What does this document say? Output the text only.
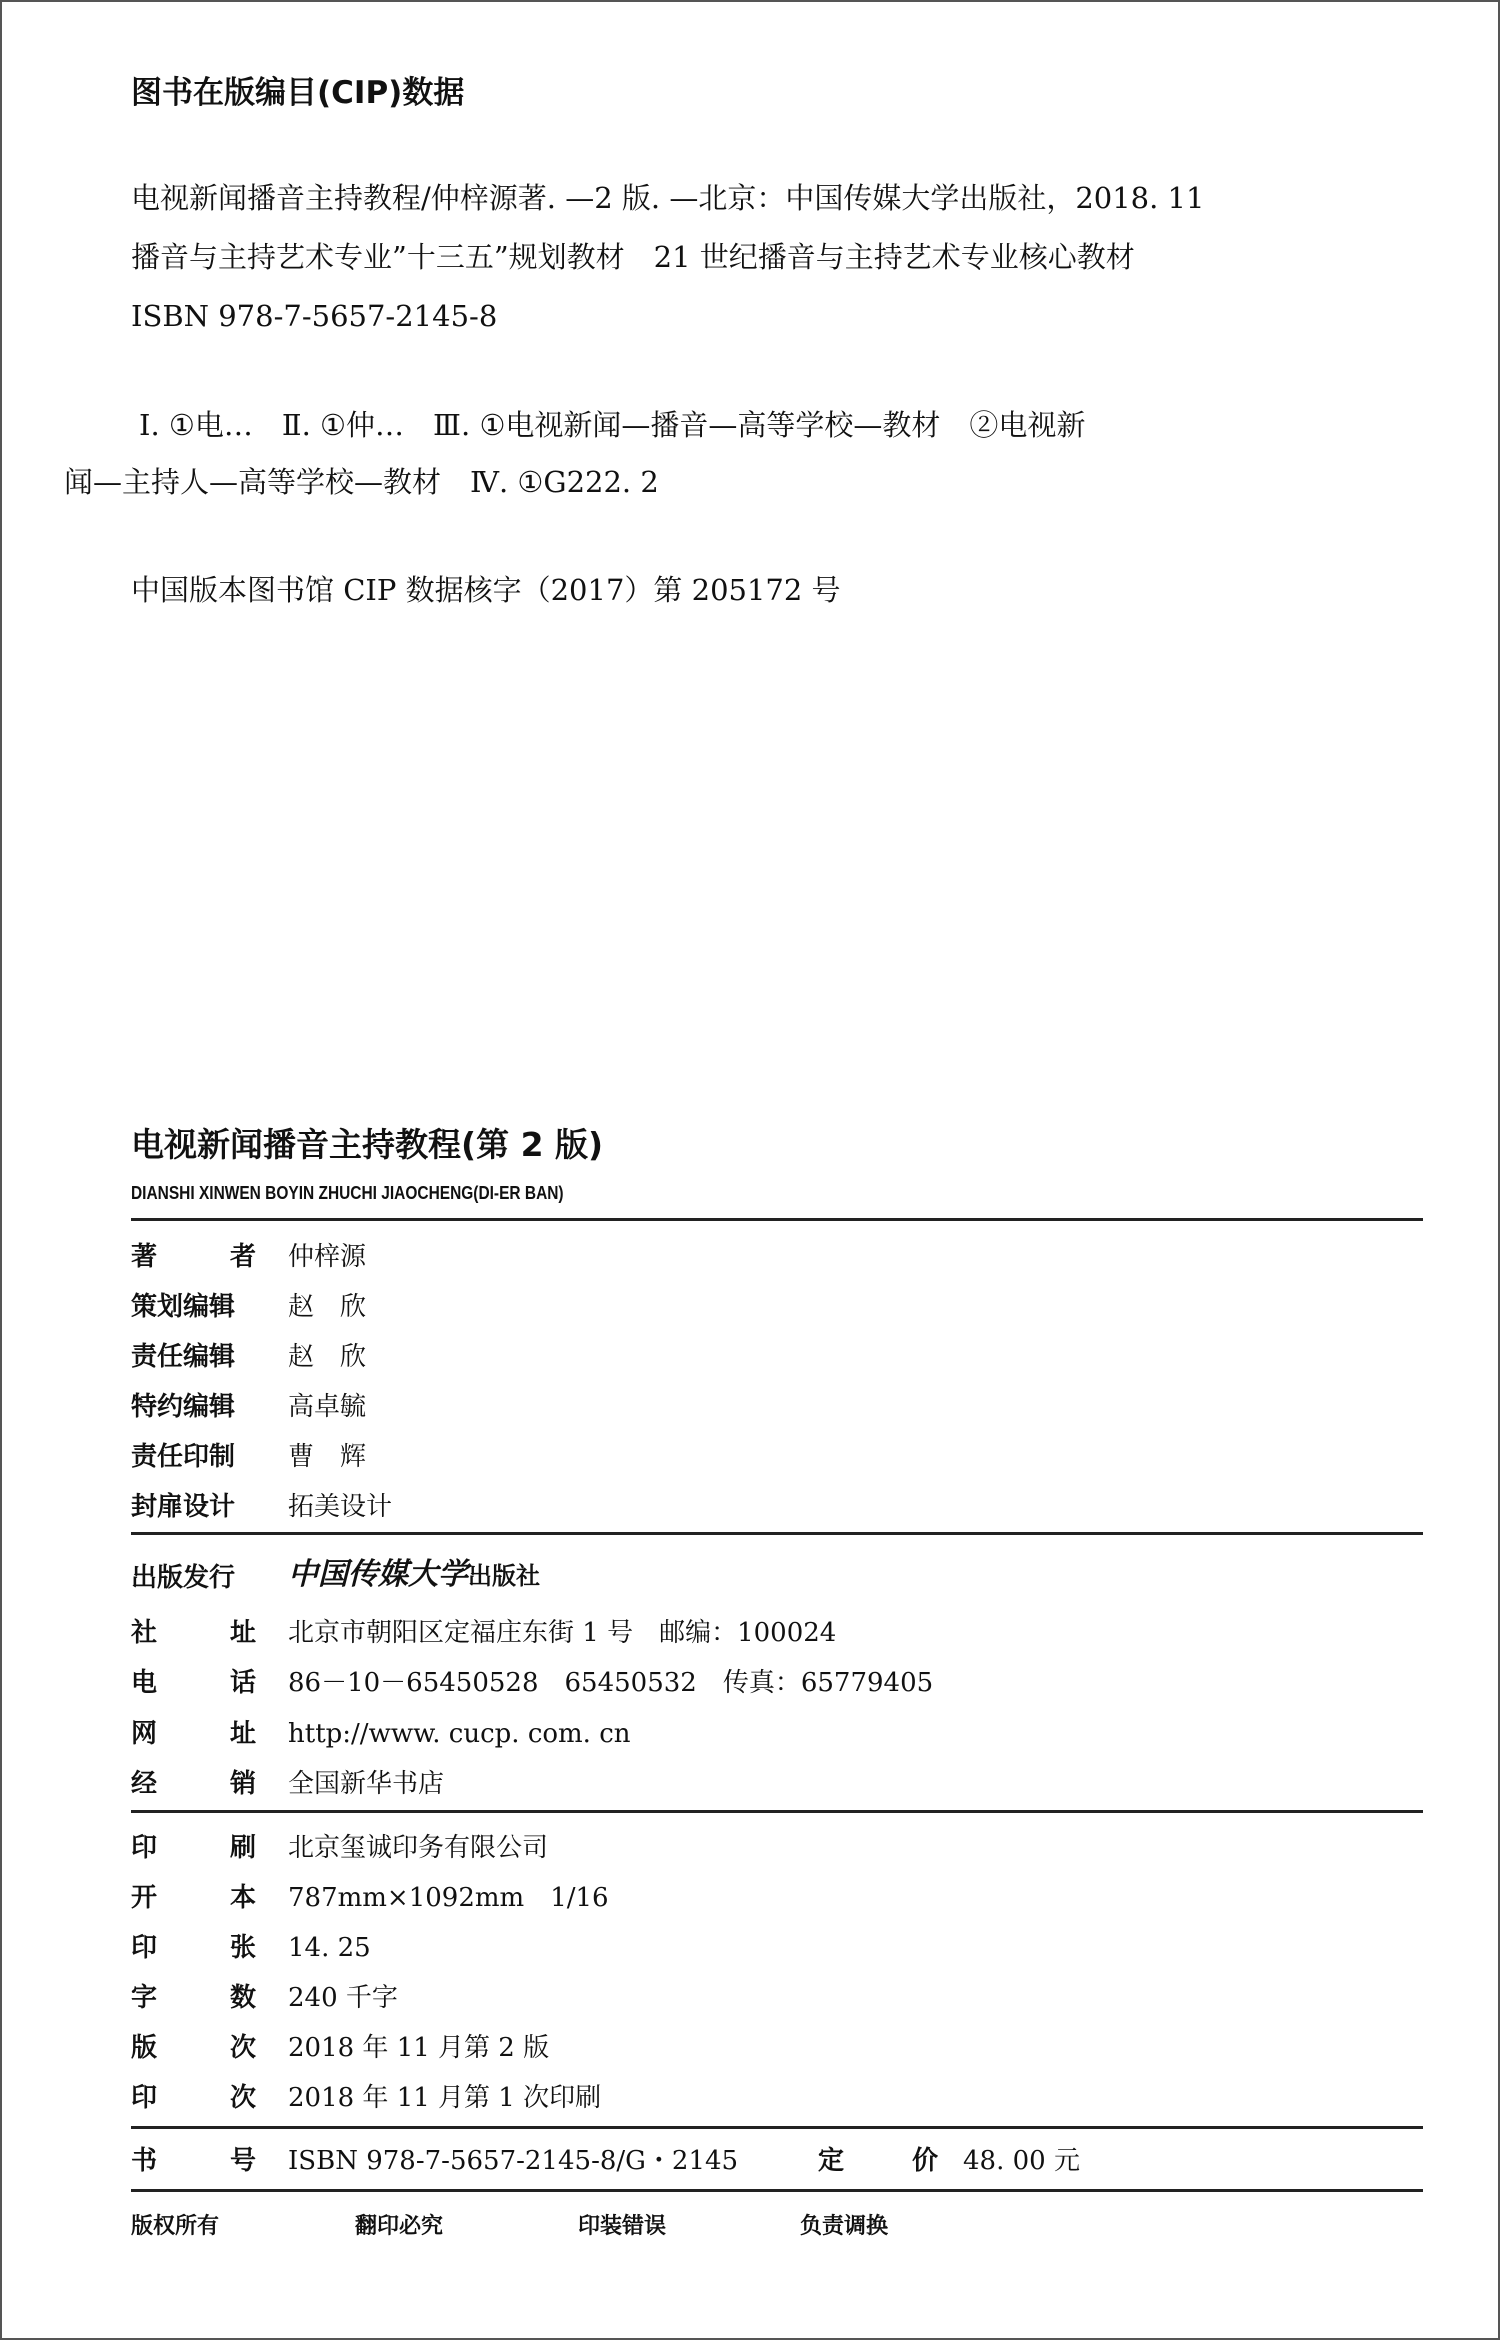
图书在版编目(CIP)数据
电视新闻播音主持教程/仲梓源著. —2 版. —北京：中国传媒大学出版社，2018. 11
播音与主持艺术专业”十三五”规划教材　21 世纪播音与主持艺术专业核心教材
ISBN 978-7-5657-2145-8
Ⅰ. ①电…　Ⅱ. ①仲…　Ⅲ. ①电视新闻—播音—高等学校—教材　②电视新
闻—主持人—高等学校—教材　Ⅳ. ①G222. 2
中国版本图书馆 CIP 数据核字（2017）第 205172 号
电视新闻播音主持教程(第 2 版)
DIANSHI XINWEN BOYIN ZHUCHI JIAOCHENG(DI-ER BAN)
著	者 仲梓源
策划编辑 赵　欣
责任编辑 赵　欣
特约编辑 高卓毓
责任印制 曹　辉
封扉设计 拓美设计
出版发行 中国传媒大学出版社
社	址 北京市朝阳区定福庄东街 1 号　邮编：100024
电	话 86－10－65450528　65450532　传真：65779405
网	址 http://www. cucp. com. cn
经	销 全国新华书店
印	刷 北京玺诚印务有限公司
开	本 787mm×1092mm　1/16
印	张 14. 25
字	数 240 千字
版	次 2018 年 11 月第 2 版
印	次 2018 年 11 月第 1 次印刷
书	号 ISBN 978-7-5657-2145-8/G・2145	定	价 48. 00 元
版权所有	翻印必究	印装错误	负责调换
